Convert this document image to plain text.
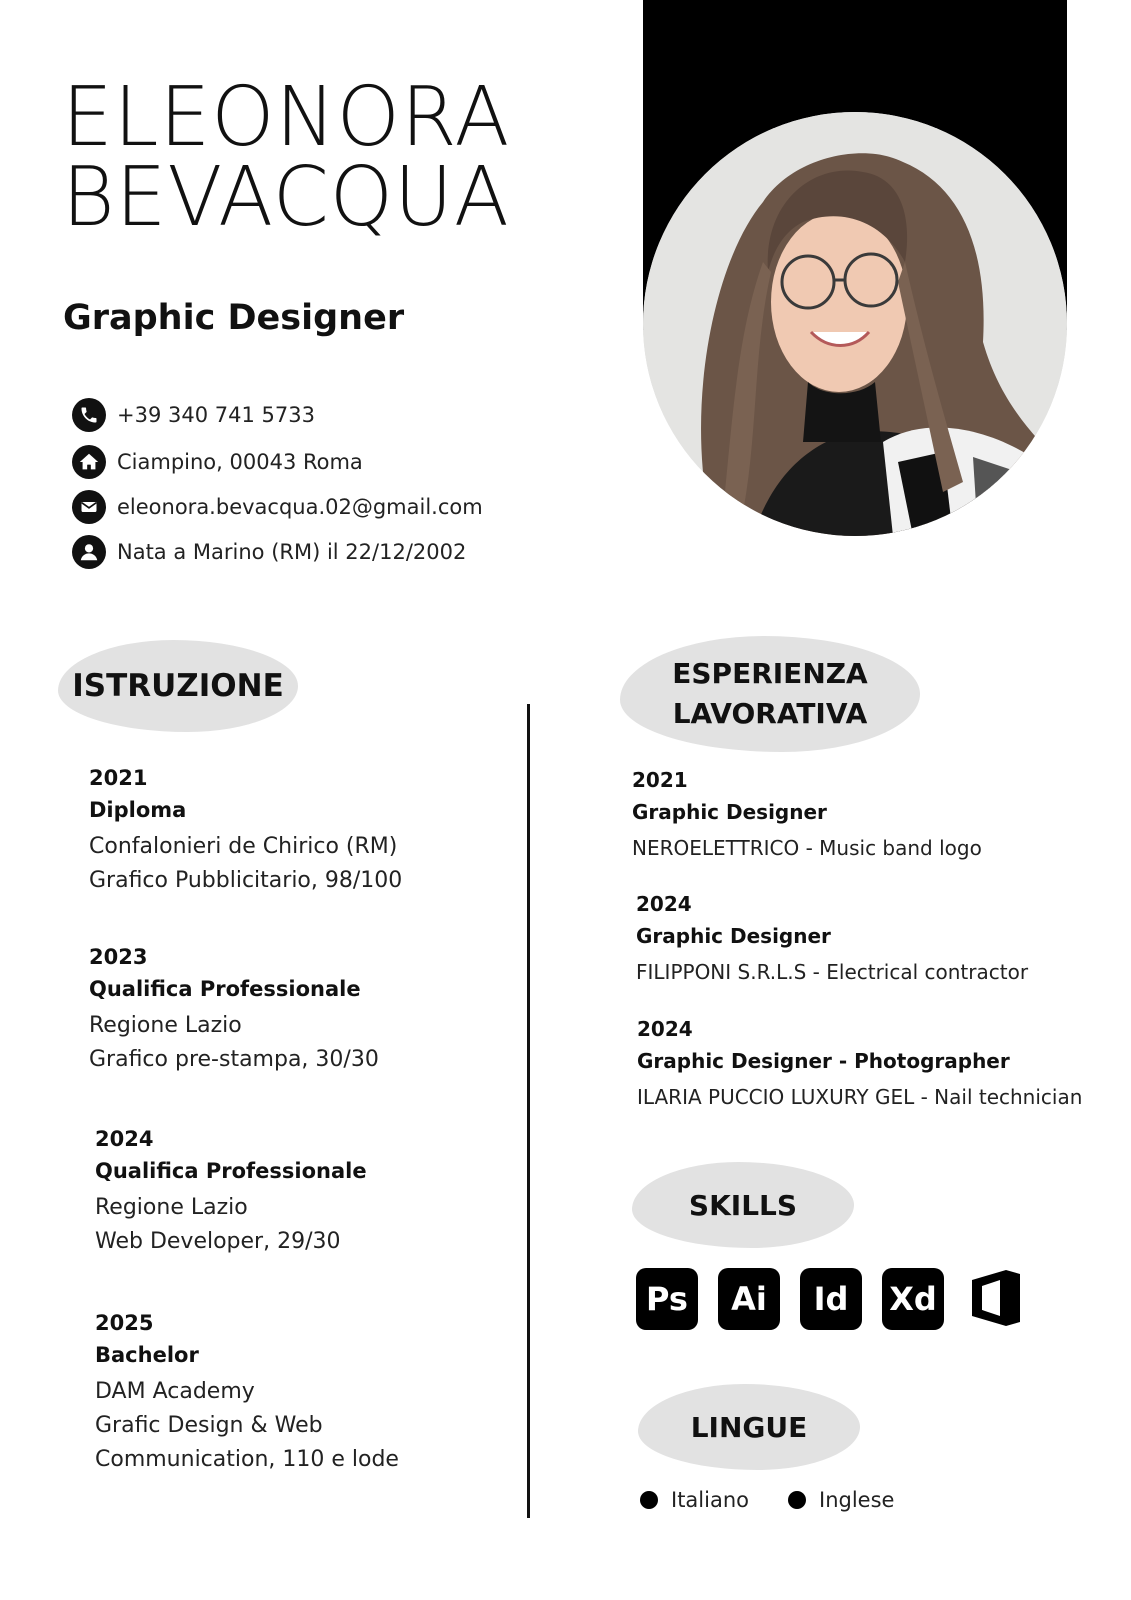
ELEONORA
BEVACQUA
Graphic Designer
+39 340 741 5733
Ciampino, 00043 Roma
eleonora.bevacqua.02@gmail.com
Nata a Marino (RM) il 22/12/2002
ISTRUZIONE
2021
Diploma
Confalonieri de Chirico (RM)
Grafico Pubblicitario, 98/100
2023
Qualifica Professionale
Regione Lazio
Grafico pre-stampa, 30/30
2024
Qualifica Professionale
Regione Lazio
Web Developer, 29/30
2025
Bachelor
DAM Academy
Grafic Design & Web
Communication, 110 e lode
ESPERIENZA
LAVORATIVA
2021
Graphic Designer
NEROELETTRICO - Music band logo
2024
Graphic Designer
FILIPPONI S.R.L.S - Electrical contractor
2024
Graphic Designer - Photographer
ILARIA PUCCIO LUXURY GEL - Nail technician
SKILLS
Ps	Ai	Id	Xd
LINGUE
Italiano	Inglese
